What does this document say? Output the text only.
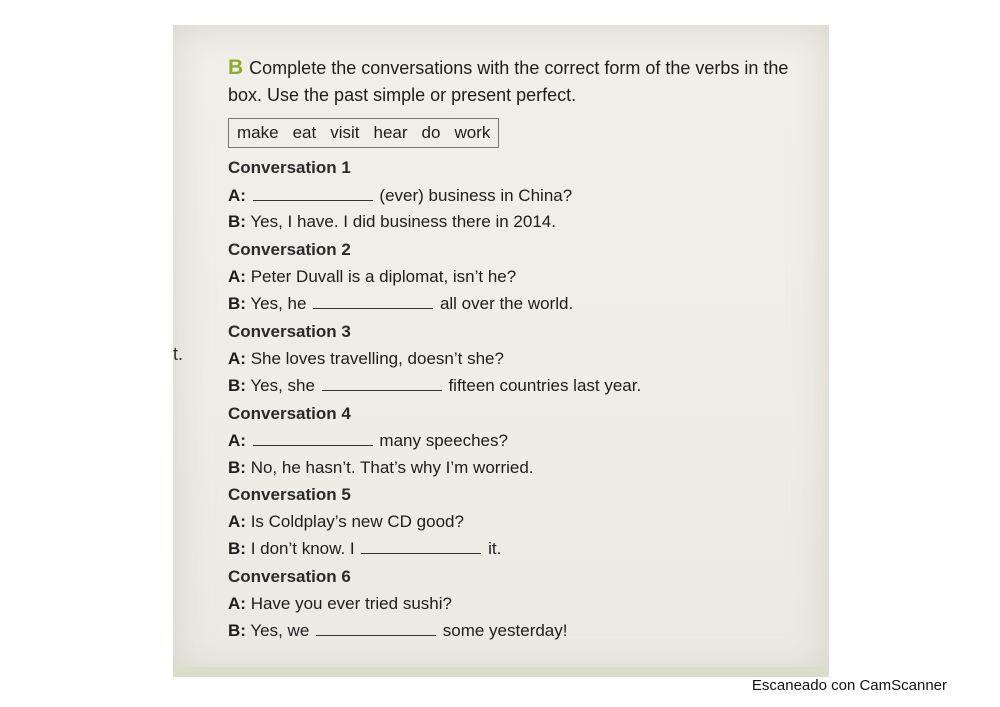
t.
B Complete the conversations with the correct form of the verbs in the box. Use the past simple or present perfect.
make eat visit hear do work
Conversation 1
A:	(ever) business in China?
B: Yes, I have. I did business there in 2014.
Conversation 2
A: Peter Duvall is a diplomat, isn’t he?
B: Yes, he	all over the world.
Conversation 3
A: She loves travelling, doesn’t she?
B: Yes, she	fifteen countries last year.
Conversation 4
A:	many speeches?
B: No, he hasn’t. That’s why I’m worried.
Conversation 5
A: Is Coldplay’s new CD good?
B: I don’t know. I	it.
Conversation 6
A: Have you ever tried sushi?
B: Yes, we	some yesterday!
Escaneado con CamScanner
